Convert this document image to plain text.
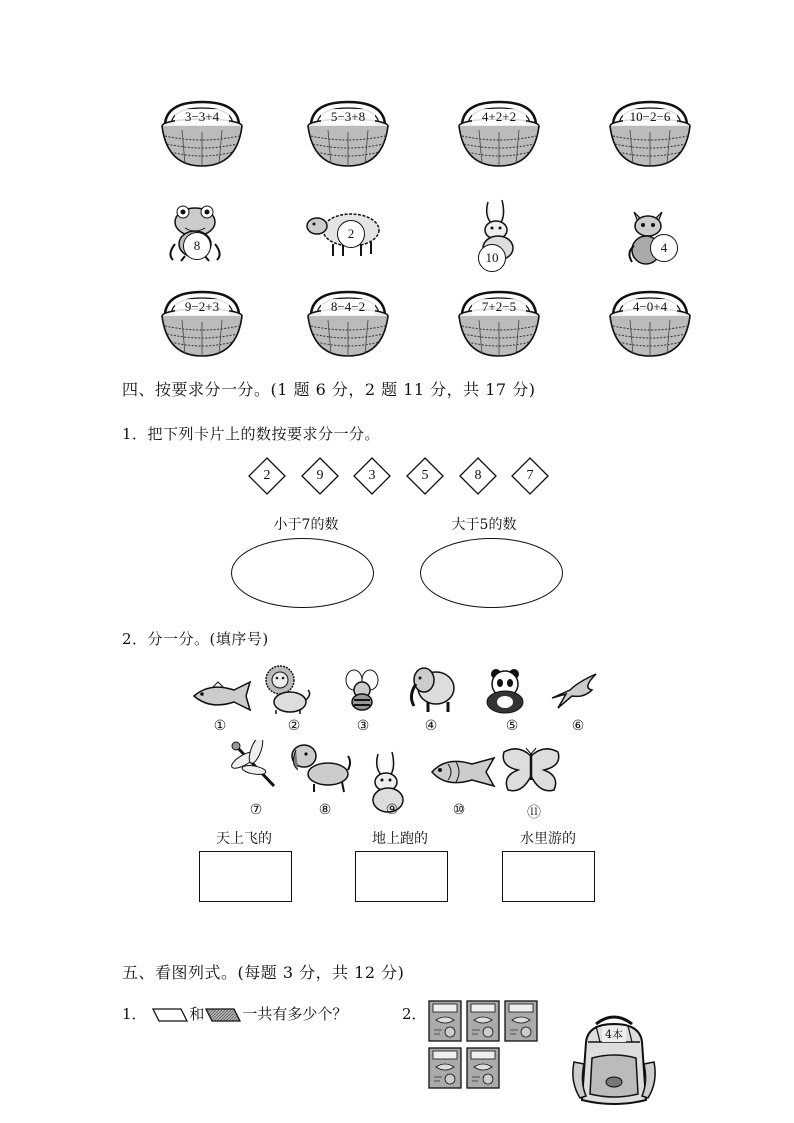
3−3+4	5−3+8	4+2+2	10−2−6
8
2
10
4
9−2+3	8−4−2	7+2−5	4−0+4
四、按要求分一分。(1 题 6 分，2 题 11 分，共 17 分)
1．把下列卡片上的数按要求分一分。
2	9	3	5	8	7
小于7的数	大于5的数
2．分一分。(填序号)
①	②	③	④	⑤	⑥
⑦	⑧	⑨	⑩	⑪
天上飞的	地上跑的	水里游的
五、看图列式。(每题 3 分，共 12 分)
1．	和	一共有多少个？	2．
4本
